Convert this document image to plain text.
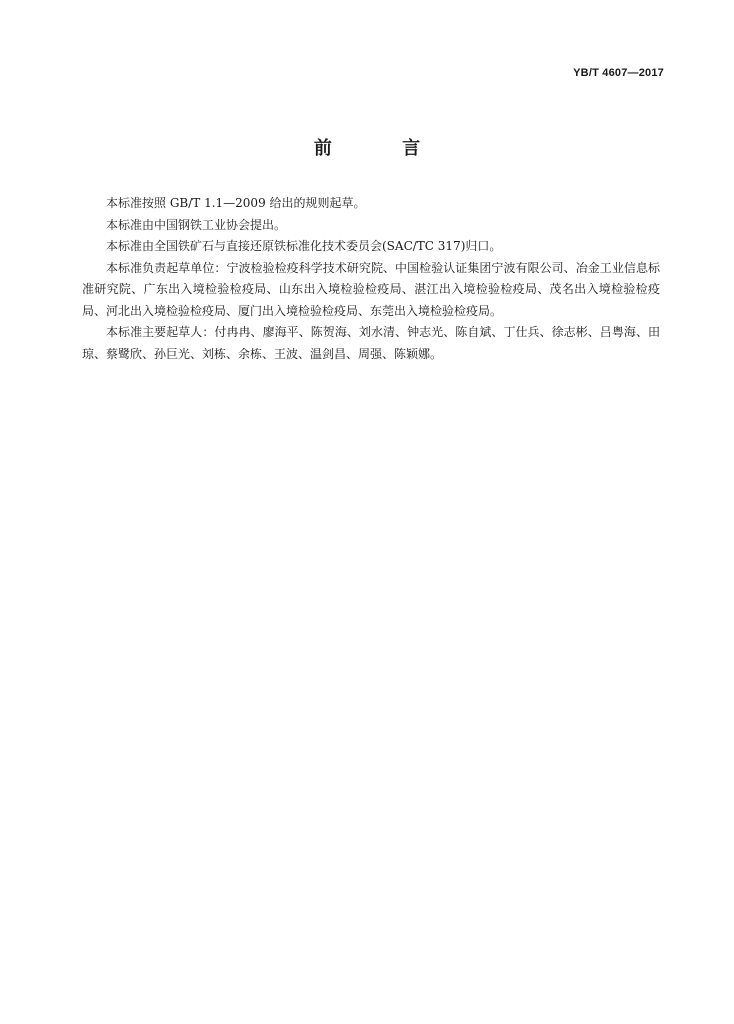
YB/T 4607—2017
前 言

本标准按照 GB/T 1.1—2009 给出的规则起草。

本标准由中国钢铁工业协会提出。

本标准由全国铁矿石与直接还原铁标准化技术委员会(SAC/TC 317)归口。

本标准负责起草单位：宁波检验检疫科学技术研究院、中国检验认证集团宁波有限公司、冶金工业信息标准研究院、广东出入境检验检疫局、山东出入境检验检疫局、湛江出入境检验检疫局、茂名出入境检验检疫局、河北出入境检验检疫局、厦门出入境检验检疫局、东莞出入境检验检疫局。

本标准主要起草人：付冉冉、廖海平、陈贺海、刘水清、钟志光、陈自斌、丁仕兵、徐志彬、吕粤海、田琼、蔡鹭欣、孙巨光、刘栋、余栋、王波、温剑昌、周强、陈颖娜。
